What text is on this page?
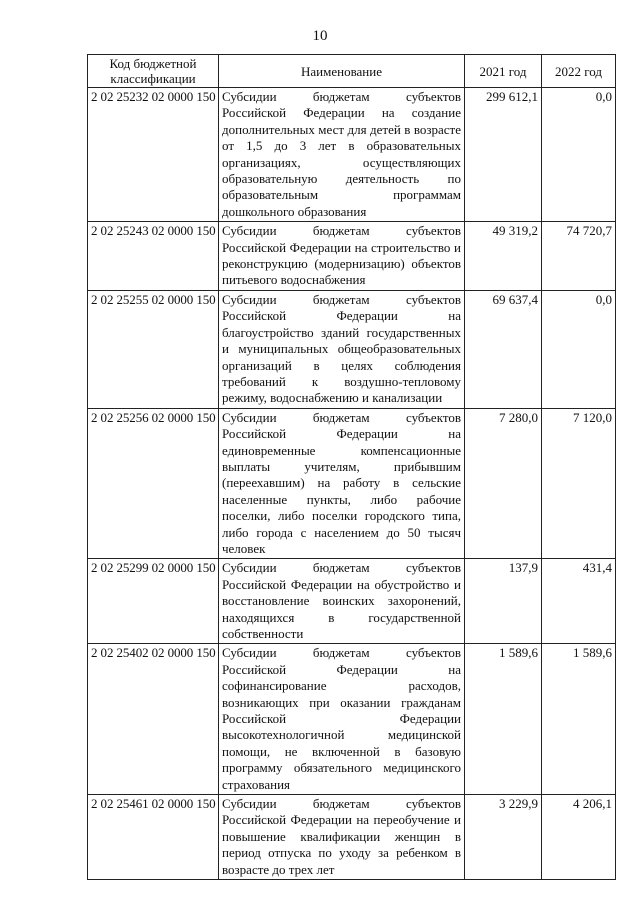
10
Код бюджетной классификации	Наименование	2021 год	2022 год
2 02 25232 02 0000 150	Субсидии бюджетам субъектов Российской Федерации на создание дополнительных мест для детей в возрасте от 1,5 до 3 лет в образовательных организациях, осуществляющих образовательную деятельность по образовательным программам дошкольного образования	299 612,1	0,0
2 02 25243 02 0000 150	Субсидии бюджетам субъектов Российской Федерации на строительство и реконструкцию (модернизацию) объектов питьевого водоснабжения	49 319,2	74 720,7
2 02 25255 02 0000 150	Субсидии бюджетам субъектов Российской Федерации на благоустройство зданий государственных и муниципальных общеобразовательных организаций в целях соблюдения требований к воздушно-тепловому режиму, водоснабжению и канализации	69 637,4	0,0
2 02 25256 02 0000 150	Субсидии бюджетам субъектов Российской Федерации на единовременные компенсационные выплаты учителям, прибывшим (переехавшим) на работу в сельские населенные пункты, либо рабочие поселки, либо поселки городского типа, либо города с населением до 50 тысяч человек	7 280,0	7 120,0
2 02 25299 02 0000 150	Субсидии бюджетам субъектов Российской Федерации на обустройство и восстановление воинских захоронений, находящихся в государственной собственности	137,9	431,4
2 02 25402 02 0000 150	Субсидии бюджетам субъектов Российской Федерации на софинансирование расходов, возникающих при оказании гражданам Российской Федерации высокотехнологичной медицинской помощи, не включенной в базовую программу обязательного медицинского страхования	1 589,6	1 589,6
2 02 25461 02 0000 150	Субсидии бюджетам субъектов Российской Федерации на переобучение и повышение квалификации женщин в период отпуска по уходу за ребенком в возрасте до трех лет	3 229,9	4 206,1
